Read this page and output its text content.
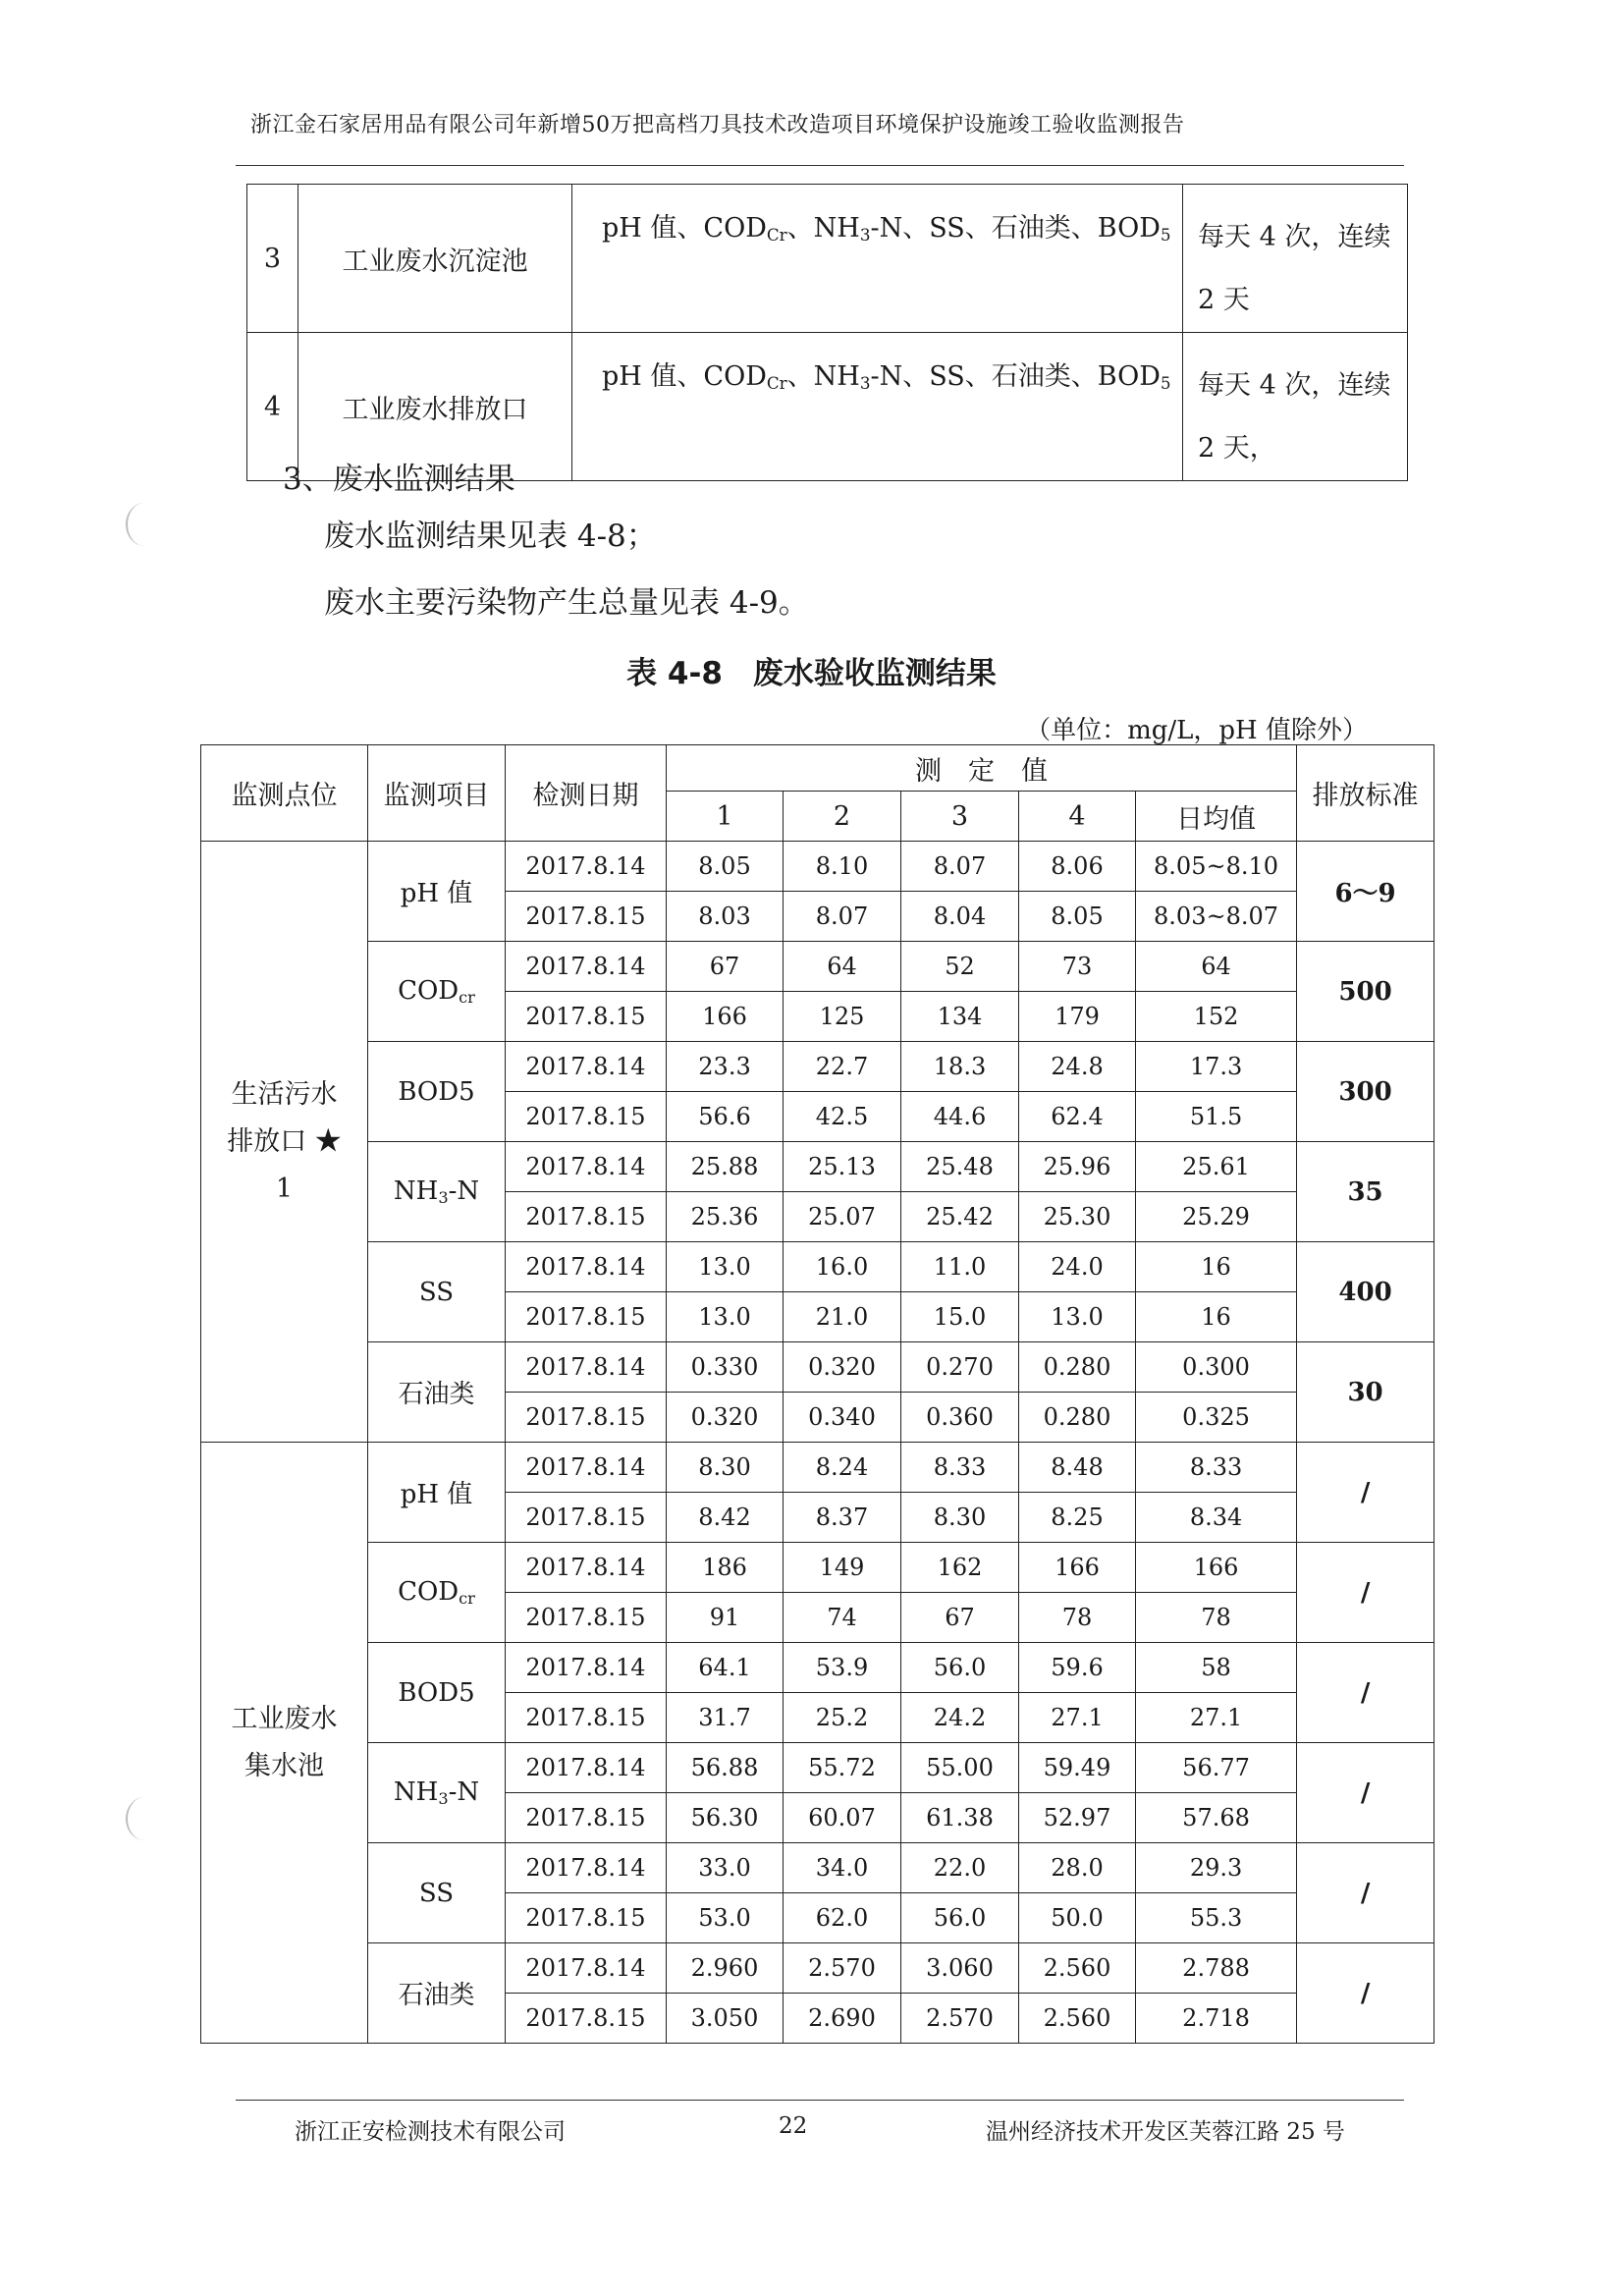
浙江金石家居用品有限公司年新增50万把高档刀具技术改造项目环境保护设施竣工验收监测报告
3	工业废水沉淀池	pH 值、$COD_{Cr}$、$NH_3-N$、SS、石油类、$BOD_5$	每天 4 次，连续
2 天
4	工业废水排放口	pH 值、$COD_{Cr}$、$NH_3-N$、SS、石油类、$BOD_5$	每天 4 次，连续
2 天，
3、废水监测结果
废水监测结果见表 4-8；
废水主要污染物产生总量见表 4-9。
表 4-8　废水验收监测结果
（单位：mg/L，pH 值除外）
监测点位	监测项目	检测日期	测　定　值					排放标准
			1	2	3	4	日均值	
生活污水
排放口 ★
1	pH 值	2017.8.14	8.05	8.10	8.07	8.06	8.05~8.10	6～9
		2017.8.15	8.03	8.07	8.04	8.05	8.03~8.07	
	$COD_{cr}$	2017.8.14	67	64	52	73	64	500
		2017.8.15	166	125	134	179	152	
	BOD5	2017.8.14	23.3	22.7	18.3	24.8	17.3	300
		2017.8.15	56.6	42.5	44.6	62.4	51.5	
	$NH_3-N$	2017.8.14	25.88	25.13	25.48	25.96	25.61	35
		2017.8.15	25.36	25.07	25.42	25.30	25.29	
	SS	2017.8.14	13.0	16.0	11.0	24.0	16	400
		2017.8.15	13.0	21.0	15.0	13.0	16	
	石油类	2017.8.14	0.330	0.320	0.270	0.280	0.300	30
		2017.8.15	0.320	0.340	0.360	0.280	0.325	
工业废水
集水池	pH 值	2017.8.14	8.30	8.24	8.33	8.48	8.33	/
		2017.8.15	8.42	8.37	8.30	8.25	8.34	
	$COD_{cr}$	2017.8.14	186	149	162	166	166	/
		2017.8.15	91	74	67	78	78	
	BOD5	2017.8.14	64.1	53.9	56.0	59.6	58	/
		2017.8.15	31.7	25.2	24.2	27.1	27.1	
	$NH_3-N$	2017.8.14	56.88	55.72	55.00	59.49	56.77	/
		2017.8.15	56.30	60.07	61.38	52.97	57.68	
	SS	2017.8.14	33.0	34.0	22.0	28.0	29.3	/
		2017.8.15	53.0	62.0	56.0	50.0	55.3	
	石油类	2017.8.14	2.960	2.570	3.060	2.560	2.788	/
		2017.8.15	3.050	2.690	2.570	2.560	2.718	
浙江正安检测技术有限公司	22	温州经济技术开发区芙蓉江路 25 号
